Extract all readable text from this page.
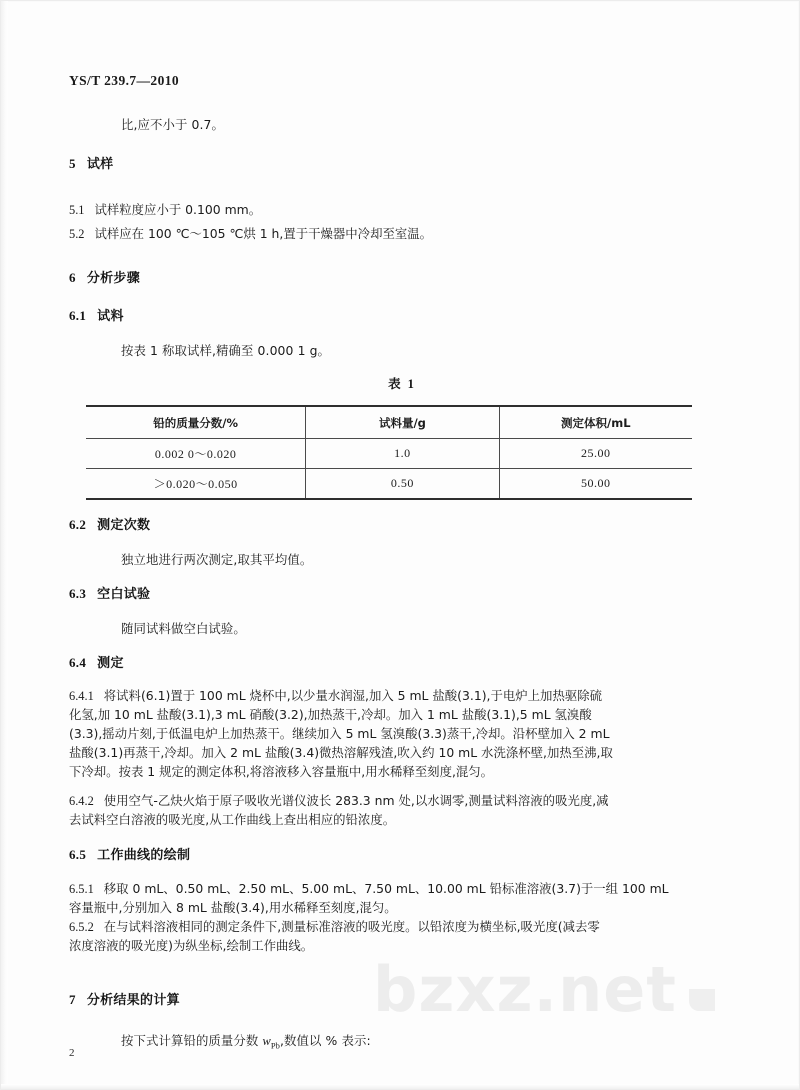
bzxz.net
YS/T 239.7—2010
比,应不小于 0.7。
5 试样
5.1 试样粒度应小于 0.100 mm。
5.2 试样应在 100 ℃～105 ℃烘 1 h,置于干燥器中冷却至室温。
6 分析步骤
6.1 试料
按表 1 称取试样,精确至 0.000 1 g。
表 1
铅的质量分数/%	试料量/g	测定体积/mL
0.002 0～0.020	1.0	25.00
＞0.020～0.050	0.50	50.00
6.2 测定次数
独立地进行两次测定,取其平均值。
6.3 空白试验
随同试料做空白试验。
6.4 测定
6.4.1 将试料(6.1)置于 100 mL 烧杯中,以少量水润湿,加入 5 mL 盐酸(3.1),于电炉上加热驱除硫
化氢,加 10 mL 盐酸(3.1),3 mL 硝酸(3.2),加热蒸干,冷却。加入 1 mL 盐酸(3.1),5 mL 氢溴酸
(3.3),摇动片刻,于低温电炉上加热蒸干。继续加入 5 mL 氢溴酸(3.3)蒸干,冷却。沿杯壁加入 2 mL
盐酸(3.1)再蒸干,冷却。加入 2 mL 盐酸(3.4)微热溶解残渣,吹入约 10 mL 水洗涤杯壁,加热至沸,取
下冷却。按表 1 规定的测定体积,将溶液移入容量瓶中,用水稀释至刻度,混匀。
6.4.2 使用空气-乙炔火焰于原子吸收光谱仪波长 283.3 nm 处,以水调零,测量试料溶液的吸光度,减
去试料空白溶液的吸光度,从工作曲线上查出相应的铅浓度。
6.5 工作曲线的绘制
6.5.1 移取 0 mL、0.50 mL、2.50 mL、5.00 mL、7.50 mL、10.00 mL 铅标准溶液(3.7)于一组 100 mL
容量瓶中,分别加入 8 mL 盐酸(3.4),用水稀释至刻度,混匀。
6.5.2 在与试料溶液相同的测定条件下,测量标准溶液的吸光度。以铅浓度为横坐标,吸光度(减去零
浓度溶液的吸光度)为纵坐标,绘制工作曲线。
7 分析结果的计算
按下式计算铅的质量分数 $w_{Pb}$,数值以 % 表示:
2
